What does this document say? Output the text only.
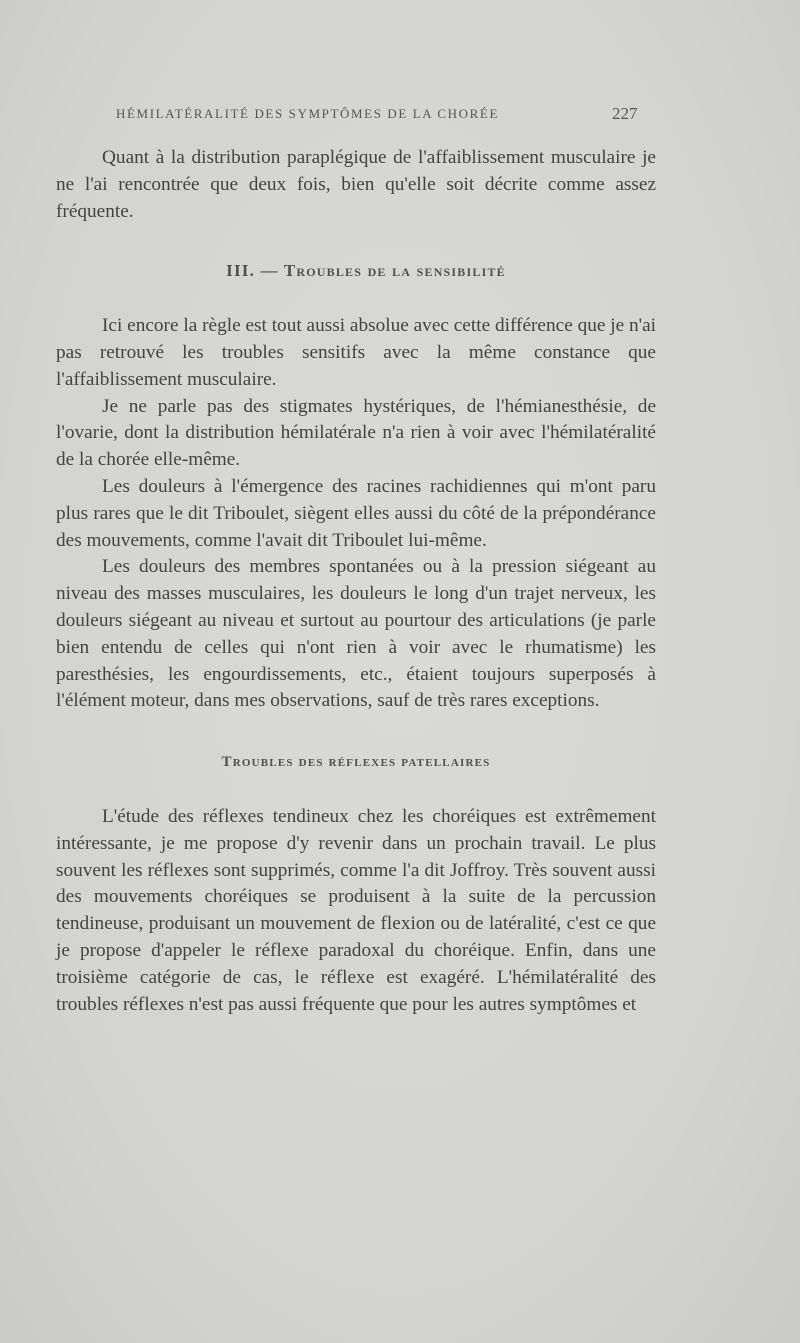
HÉMILATÉRALITÉ DES SYMPTÔMES DE LA CHORÉE	227

Quant à la distribution paraplégique de l'affaiblissement musculaire je ne l'ai rencontrée que deux fois, bien qu'elle soit décrite comme assez fréquente.

III. — Troubles de la sensibilité

Ici encore la règle est tout aussi absolue avec cette différence que je n'ai pas retrouvé les troubles sensitifs avec la même constance que l'affaiblissement musculaire.

Je ne parle pas des stigmates hystériques, de l'hémianesthésie, de l'ovarie, dont la distribution hémilatérale n'a rien à voir avec l'hémilatéralité de la chorée elle-même.

Les douleurs à l'émergence des racines rachidiennes qui m'ont paru plus rares que le dit Triboulet, siègent elles aussi du côté de la prépondérance des mouvements, comme l'avait dit Triboulet lui-même.

Les douleurs des membres spontanées ou à la pression siégeant au niveau des masses musculaires, les douleurs le long d'un trajet nerveux, les douleurs siégeant au niveau et surtout au pourtour des articulations (je parle bien entendu de celles qui n'ont rien à voir avec le rhumatisme) les paresthésies, les engourdissements, etc., étaient toujours superposés à l'élément moteur, dans mes observations, sauf de très rares exceptions.

Troubles des réflexes patellaires

L'étude des réflexes tendineux chez les choréiques est extrêmement intéressante, je me propose d'y revenir dans un prochain travail. Le plus souvent les réflexes sont supprimés, comme l'a dit Joffroy. Très souvent aussi des mouvements choréiques se produisent à la suite de la percussion tendineuse, produisant un mouvement de flexion ou de latéralité, c'est ce que je propose d'appeler le réflexe paradoxal du choréique. Enfin, dans une troisième catégorie de cas, le réflexe est exagéré. L'hémilatéralité des troubles réflexes n'est pas aussi fréquente que pour les autres symptômes et
